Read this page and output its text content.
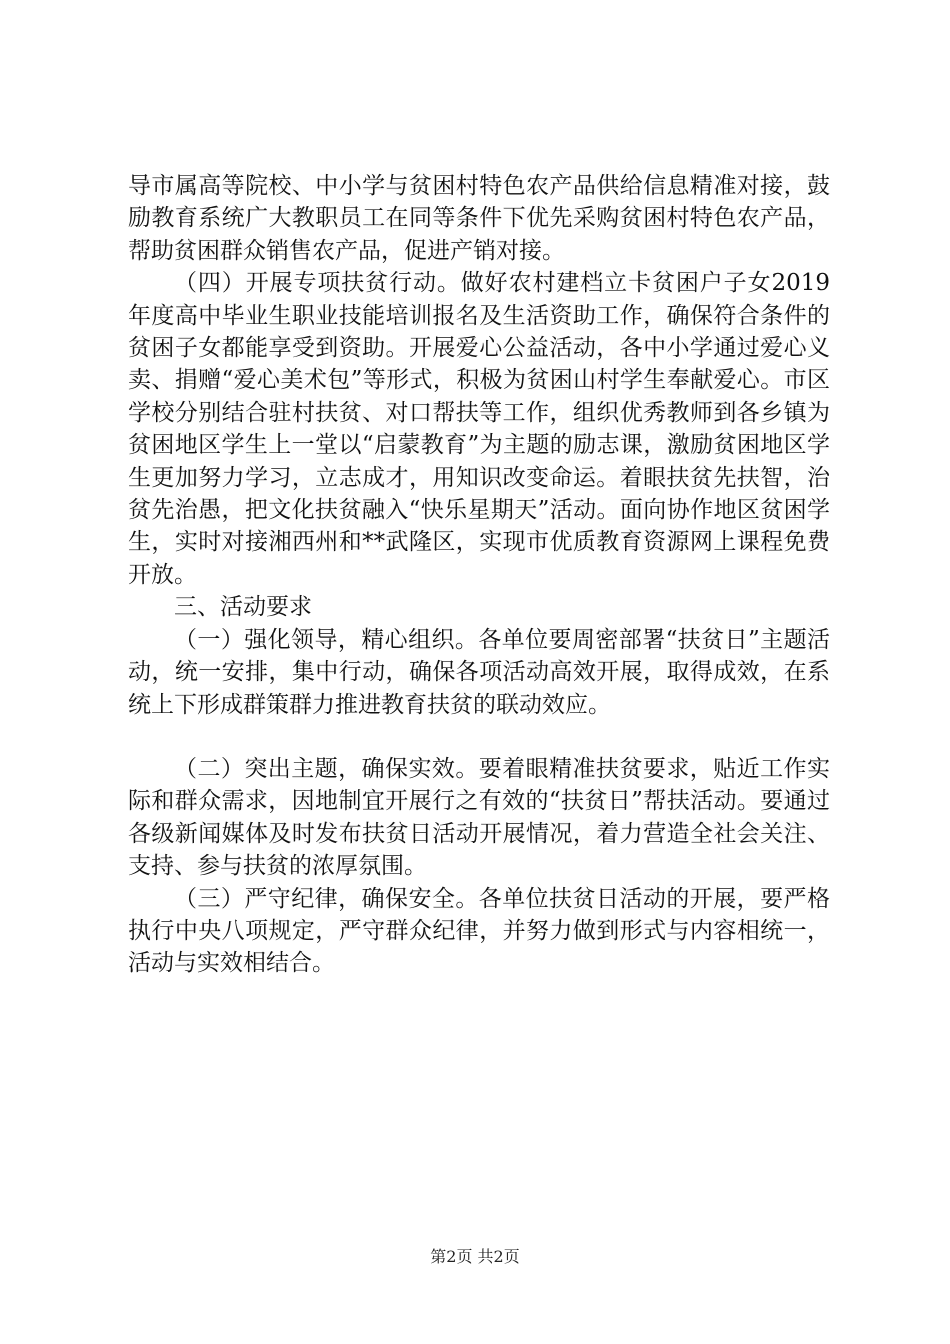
导市属高等院校、中小学与贫困村特色农产品供给信息精准对接，鼓励教育系统广大教职员工在同等条件下优先采购贫困村特色农产品，帮助贫困群众销售农产品，促进产销对接。

（四）开展专项扶贫行动。做好农村建档立卡贫困户子女2019年度高中毕业生职业技能培训报名及生活资助工作，确保符合条件的贫困子女都能享受到资助。开展爱心公益活动，各中小学通过爱心义卖、捐赠“爱心美术包”等形式，积极为贫困山村学生奉献爱心。市区学校分别结合驻村扶贫、对口帮扶等工作，组织优秀教师到各乡镇为贫困地区学生上一堂以“启蒙教育”为主题的励志课，激励贫困地区学生更加努力学习，立志成才，用知识改变命运。着眼扶贫先扶智，治贫先治愚，把文化扶贫融入“快乐星期天”活动。面向协作地区贫困学生，实时对接湘西州和**武隆区，实现市优质教育资源网上课程免费开放。

三、活动要求

（一）强化领导，精心组织。各单位要周密部署“扶贫日”主题活动，统一安排，集中行动，确保各项活动高效开展，取得成效，在系统上下形成群策群力推进教育扶贫的联动效应。

（二）突出主题，确保实效。要着眼精准扶贫要求，贴近工作实际和群众需求，因地制宜开展行之有效的“扶贫日”帮扶活动。要通过各级新闻媒体及时发布扶贫日活动开展情况，着力营造全社会关注、支持、参与扶贫的浓厚氛围。

（三）严守纪律，确保安全。各单位扶贫日活动的开展，要严格执行中央八项规定，严守群众纪律，并努力做到形式与内容相统一，活动与实效相结合。

第2页 共2页
